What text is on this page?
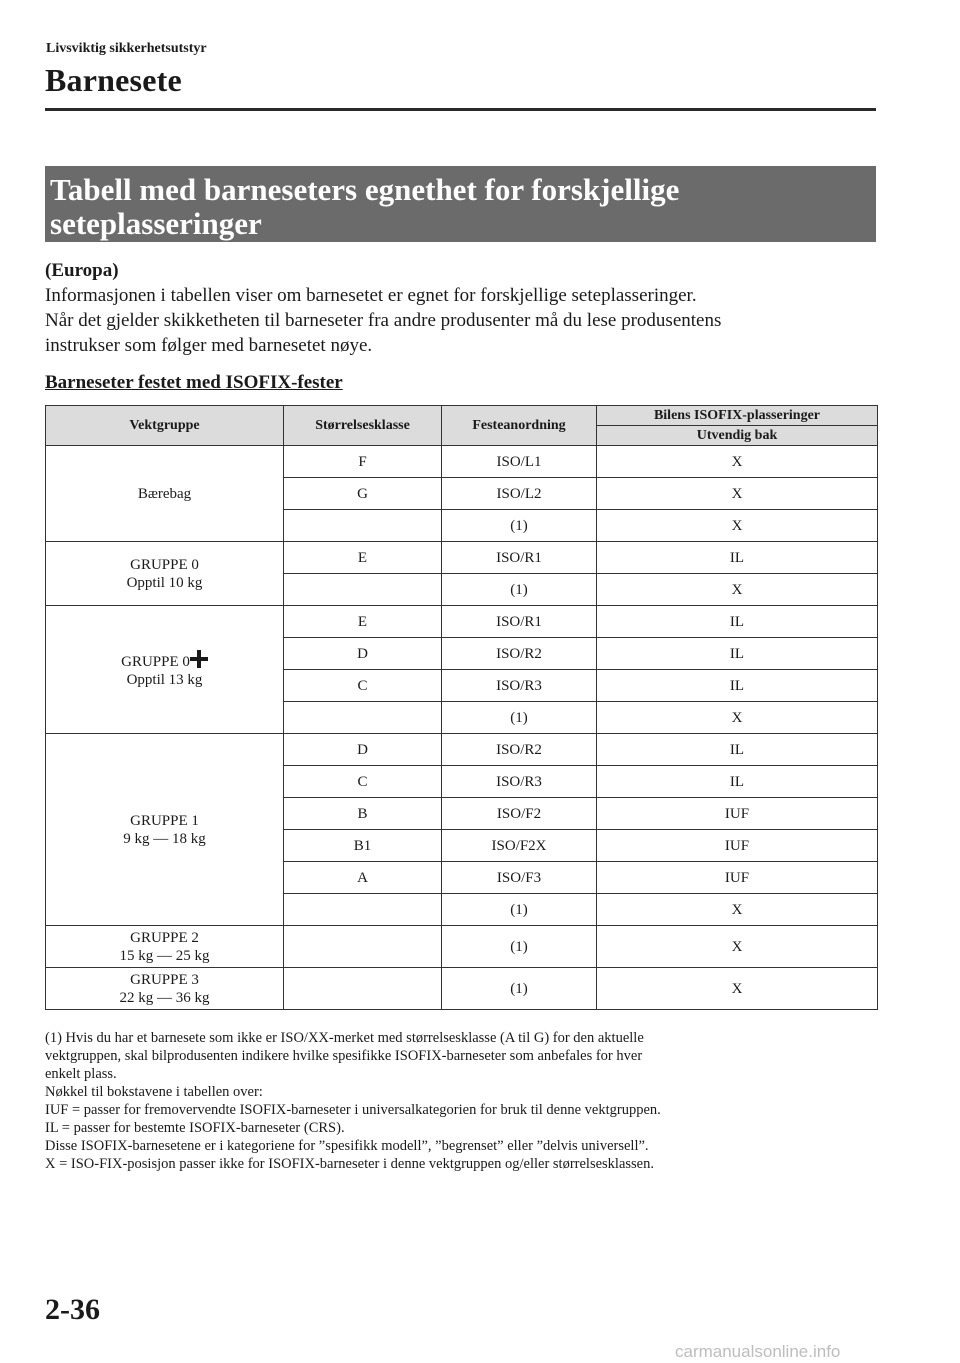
Livsviktig sikkerhetsutstyr
Barnesete
Tabell med barneseters egnethet for forskjellige
seteplasseringer
(Europa)
Informasjonen i tabellen viser om barnesetet er egnet for forskjellige seteplasseringer.
Når det gjelder skikketheten til barneseter fra andre produsenter må du lese produsentens
instrukser som følger med barnesetet nøye.
Barneseter festet med ISOFIX-fester
Vektgruppe	Størrelsesklasse	Festeanordning	Bilens ISOFIX-plasseringer
			Utvendig bak

Bærebag	F	ISO/L1	X
	G	ISO/L2	X
		(1)	X

GRUPPE 0
Opptil 10 kg	E	ISO/R1	IL
		(1)	X

GRUPPE 0
Opptil 13 kg	E	ISO/R1	IL
	D	ISO/R2	IL
	C	ISO/R3	IL
		(1)	X

GRUPPE 1
9 kg — 18 kg	D	ISO/R2	IL
	C	ISO/R3	IL
	B	ISO/F2	IUF
	B1	ISO/F2X	IUF
	A	ISO/F3	IUF
		(1)	X

GRUPPE 2
15 kg — 25 kg		(1)	X

GRUPPE 3
22 kg — 36 kg		(1)	X

(1) Hvis du har et barnesete som ikke er ISO/XX-merket med størrelsesklasse (A til G) for den aktuelle

vektgruppen, skal bilprodusenten indikere hvilke spesifikke ISOFIX-barneseter som anbefales for hver

enkelt plass.

Nøkkel til bokstavene i tabellen over:

IUF = passer for fremovervendte ISOFIX-barneseter i universalkategorien for bruk til denne vektgruppen.

IL = passer for bestemte ISOFIX-barneseter (CRS).

Disse ISOFIX-barnesetene er i kategoriene for ”spesifikk modell”, ”begrenset” eller ”delvis universell”.

X = ISO-FIX-posisjon passer ikke for ISOFIX-barneseter i denne vektgruppen og/eller størrelsesklassen.

2-36
carmanualsonline.info
